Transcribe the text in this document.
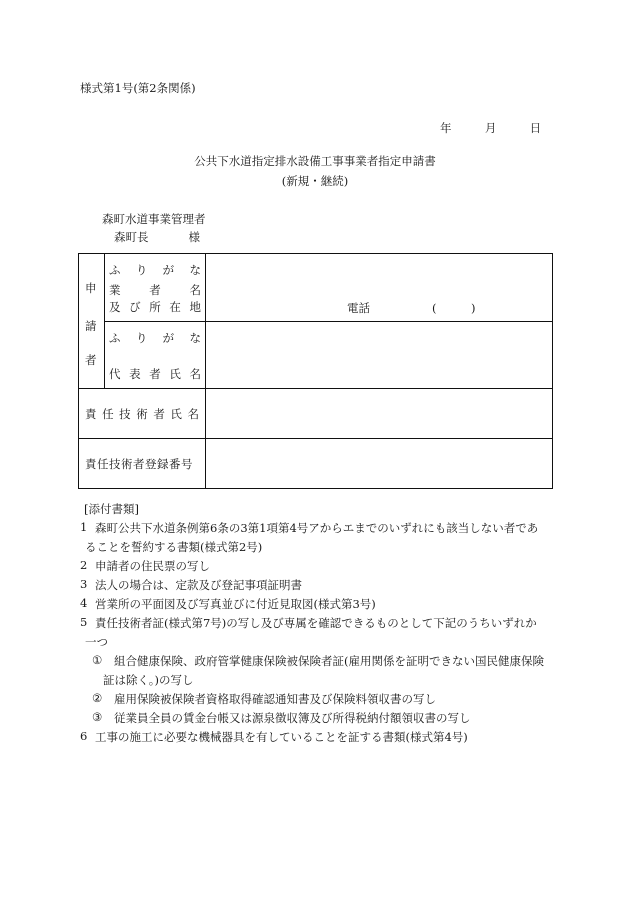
様式第1号(第2条関係)
年	月	日
公共下水道指定排水設備工事事業者指定申請書
(新規・継続)
森町水道事業管理者
森町長	様
申
請
者
ふ り が な
業	者	名
及 び 所 在 地	電話	(　　　)
ふ り が な
代 表 者 氏 名
責 任 技 術 者 氏 名
責任技術者登録番号
[添付書類]
1 森町公共下水道条例第6条の3第1項第4号アからエまでのいずれにも該当しない者であ
ることを誓約する書類(様式第2号)
2 申請者の住民票の写し
3 法人の場合は、定款及び登記事項証明書
4 営業所の平面図及び写真並びに付近見取図(様式第3号)
5 責任技術者証(様式第7号)の写し及び専属を確認できるものとして下記のうちいずれか
一つ
① 組合健康保険、政府管掌健康保険被保険者証(雇用関係を証明できない国民健康保険
証は除く。)の写し
② 雇用保険被保険者資格取得確認通知書及び保険料領収書の写し
③ 従業員全員の賃金台帳又は源泉徴収簿及び所得税納付額領収書の写し
6 工事の施工に必要な機械器具を有していることを証する書類(様式第4号)
